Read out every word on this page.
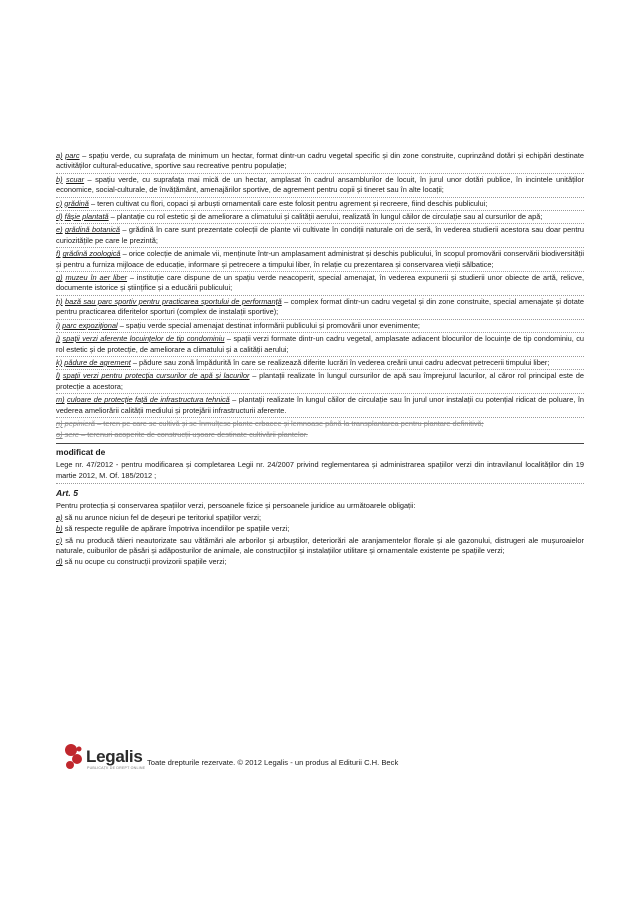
a) parc – spațiu verde, cu suprafața de minimum un hectar, format dintr-un cadru vegetal specific și din zone construite, cuprinzând dotări și echipări destinate activităților cultural-educative, sportive sau recreative pentru populație;

b) scuar – spațiu verde, cu suprafața mai mică de un hectar, amplasat în cadrul ansamblurilor de locuit, în jurul unor dotări publice, în incintele unităților economice, social-culturale, de învățământ, amenajărilor sportive, de agrement pentru copii și tineret sau în alte locații;

c) grădină – teren cultivat cu flori, copaci și arbuști ornamentali care este folosit pentru agrement și recreere, fiind deschis publicului;

d) fâșie plantată – plantație cu rol estetic și de ameliorare a climatului și calității aerului, realizată în lungul căilor de circulație sau al cursurilor de apă;

e) grădină botanică – grădină în care sunt prezentate colecții de plante vii cultivate în condiții naturale ori de seră, în vederea studierii acestora sau doar pentru curiozitățile pe care le prezintă;

f) grădină zoologică – orice colecție de animale vii, menținute într-un amplasament administrat și deschis publicului, în scopul promovării conservării biodiversității și pentru a furniza mijloace de educație, informare și petrecere a timpului liber, în relație cu prezentarea și conservarea vieții sălbatice;

g) muzeu în aer liber – instituție care dispune de un spațiu verde neacoperit, special amenajat, în vederea expunerii și studierii unor obiecte de artă, relicve, documente istorice și științifice și a educării publicului;

h) bază sau parc sportiv pentru practicarea sportului de performanță – complex format dintr-un cadru vegetal și din zone construite, special amenajate și dotate pentru practicarea diferitelor sporturi (complex de instalații sportive);

i) parc expozițional – spațiu verde special amenajat destinat informării publicului și promovării unor evenimente;

j) spații verzi aferente locuințelor de tip condominiu – spații verzi formate dintr-un cadru vegetal, amplasate adiacent blocurilor de locuințe de tip condominiu, cu rol estetic și de protecție, de ameliorare a climatului și a calității aerului;

k) pădure de agrement – pădure sau zonă împădurită în care se realizează diferite lucrări în vederea creării unui cadru adecvat petrecerii timpului liber;

l) spații verzi pentru protecția cursurilor de apă și lacurilor – plantații realizate în lungul cursurilor de apă sau împrejurul lacurilor, al căror rol principal este de protecție a acestora;

m) culoare de protecție față de infrastructura tehnică – plantații realizate în lungul căilor de circulație sau în jurul unor instalații cu potențial ridicat de poluare, în vederea ameliorării calității mediului și protejării infrastructurii aferente.

n) pepinieră – teren pe care se cultivă și se înmulțesc plante erbacee și lemnoase până la transplantarea pentru plantare definitivă;

o) sere – terenuri acoperite de construcții ușoare destinate cultivării plantelor.

modificat de
Lege nr. 47/2012 - pentru modificarea și completarea Legii nr. 24/2007 privind reglementarea și administrarea spațiilor verzi din intravilanul localităților din 19 martie 2012, M. Of. 185/2012 ;
Art. 5

Pentru protecția și conservarea spațiilor verzi, persoanele fizice și persoanele juridice au următoarele obligații:

a) să nu arunce niciun fel de deșeuri pe teritoriul spațiilor verzi;

b) să respecte regulile de apărare împotriva incendiilor pe spațiile verzi;

c) să nu producă tăieri neautorizate sau vătămări ale arborilor și arbuștilor, deteriorări ale aranjamentelor florale și ale gazonului, distrugeri ale mușuroaielor naturale, cuiburilor de păsări și adăposturilor de animale, ale construcțiilor și instalațiilor utilitare și ornamentale existente pe spațiile verzi;

d) să nu ocupe cu construcții provizorii spațiile verzi;

Legalis
PUBLICAȚII DE DREPT ONLINE
Toate drepturile rezervate. © 2012 Legalis - un produs al Editurii C.H. Beck
